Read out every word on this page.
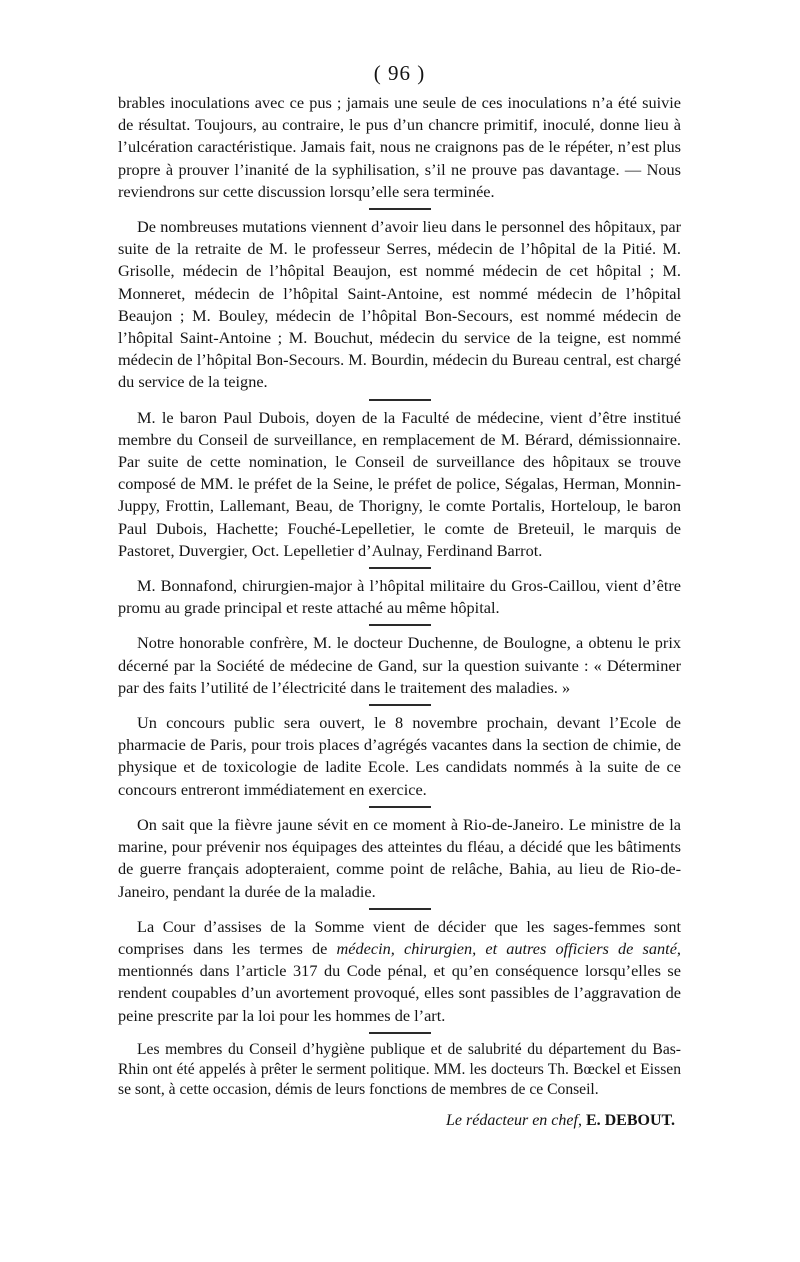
( 96 )

brables inoculations avec ce pus ; jamais une seule de ces inoculations n’a été suivie de résultat. Toujours, au contraire, le pus d’un chancre primitif, inoculé, donne lieu à l’ulcération caractéristique. Jamais fait, nous ne craignons pas de le répéter, n’est plus propre à prouver l’inanité de la syphilisation, s’il ne prouve pas davantage. — Nous reviendrons sur cette discussion lorsqu’elle sera terminée.

De nombreuses mutations viennent d’avoir lieu dans le personnel des hôpitaux, par suite de la retraite de M. le professeur Serres, médecin de l’hôpital de la Pitié. M. Grisolle, médecin de l’hôpital Beaujon, est nommé médecin de cet hôpital ; M. Monneret, médecin de l’hôpital Saint-Antoine, est nommé médecin de l’hôpital Beaujon ; M. Bouley, médecin de l’hôpital Bon-Secours, est nommé médecin de l’hôpital Saint-Antoine ; M. Bouchut, médecin du service de la teigne, est nommé médecin de l’hôpital Bon-Secours. M. Bourdin, médecin du Bureau central, est chargé du service de la teigne.

M. le baron Paul Dubois, doyen de la Faculté de médecine, vient d’être institué membre du Conseil de surveillance, en remplacement de M. Bérard, démissionnaire. Par suite de cette nomination, le Conseil de surveillance des hôpitaux se trouve composé de MM. le préfet de la Seine, le préfet de police, Ségalas, Herman, Monnin-Juppy, Frottin, Lallemant, Beau, de Thorigny, le comte Portalis, Horteloup, le baron Paul Dubois, Hachette; Fouché-Lepelletier, le comte de Breteuil, le marquis de Pastoret, Duvergier, Oct. Lepelletier d’Aulnay, Ferdinand Barrot.

M. Bonnafond, chirurgien-major à l’hôpital militaire du Gros-Caillou, vient d’être promu au grade principal et reste attaché au même hôpital.

Notre honorable confrère, M. le docteur Duchenne, de Boulogne, a obtenu le prix décerné par la Société de médecine de Gand, sur la question suivante : « Déterminer par des faits l’utilité de l’électricité dans le traitement des maladies. »

Un concours public sera ouvert, le 8 novembre prochain, devant l’Ecole de pharmacie de Paris, pour trois places d’agrégés vacantes dans la section de chimie, de physique et de toxicologie de ladite Ecole. Les candidats nommés à la suite de ce concours entreront immédiatement en exercice.

On sait que la fièvre jaune sévit en ce moment à Rio-de-Janeiro. Le ministre de la marine, pour prévenir nos équipages des atteintes du fléau, a décidé que les bâtiments de guerre français adopteraient, comme point de relâche, Bahia, au lieu de Rio-de-Janeiro, pendant la durée de la maladie.

La Cour d’assises de la Somme vient de décider que les sages-femmes sont comprises dans les termes de médecin, chirurgien, et autres officiers de santé, mentionnés dans l’article 317 du Code pénal, et qu’en conséquence lorsqu’elles se rendent coupables d’un avortement provoqué, elles sont passibles de l’aggravation de peine prescrite par la loi pour les hommes de l’art.

Les membres du Conseil d’hygiène publique et de salubrité du département du Bas-Rhin ont été appelés à prêter le serment politique. MM. les docteurs Th. Bœckel et Eissen se sont, à cette occasion, démis de leurs fonctions de membres de ce Conseil.

Le rédacteur en chef, E. DEBOUT.
